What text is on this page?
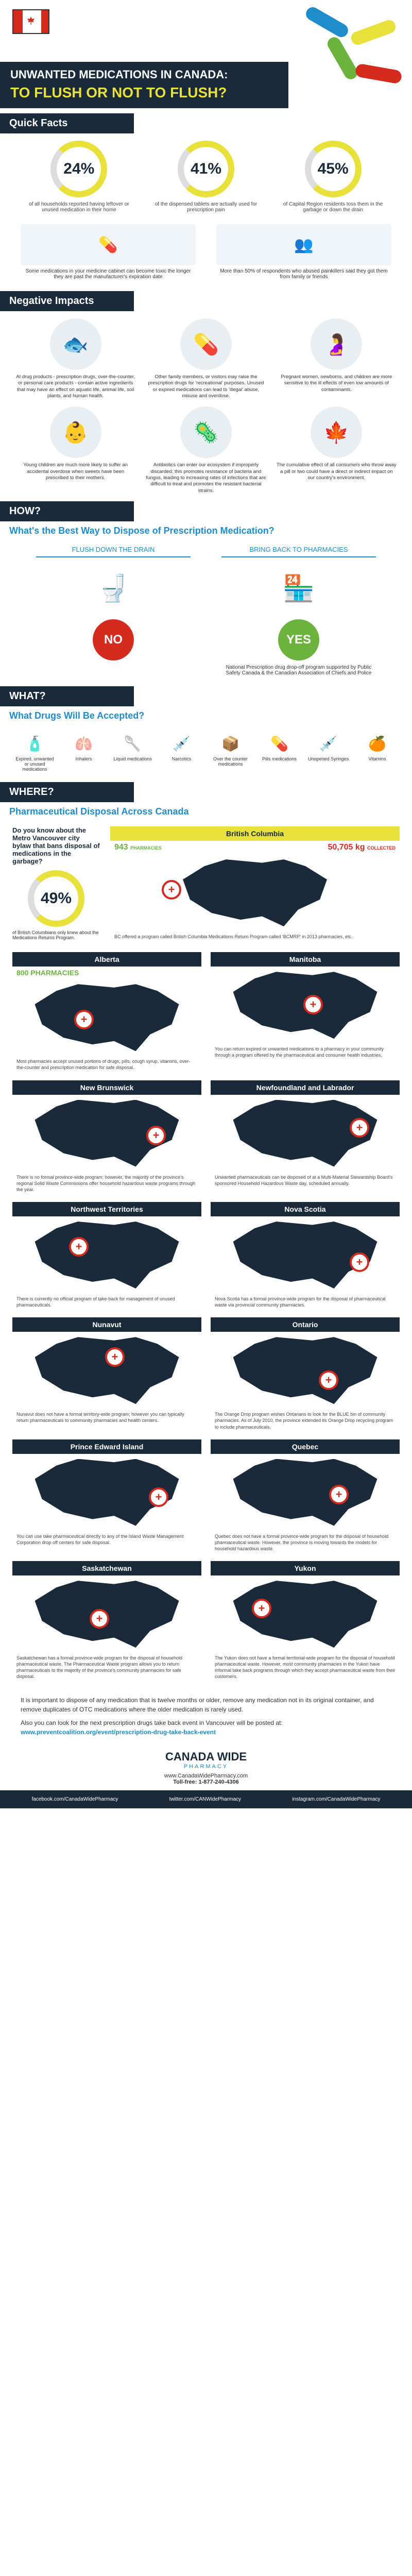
UNWANTED MEDICATIONS IN CANADA:
TO FLUSH OR NOT TO FLUSH?
Quick Facts
24%

of all households reported having leftover or unused medication in their home

41%

of the dispensed tablets are actually used for prescription pain

45%

of Capital Region residents toss them in the garbage or down the drain

💊

Some medications in your medicine cabinet can become toxic the longer they are past the manufacturer's expiration date

👥

More than 50% of respondents who abused painkillers said they got them from family or friends

Negative Impacts
🐟

At drug products - prescription drugs, over-the-counter, or personal care products - contain active ingredients that may have an effect on aquatic life, animal life, soil plants, and human health.

💊

Other family members, or visitors may raise the prescription drugs for 'recreational' purposes. Unused or expired medications can lead to 'illegal' abuse, misuse and overdose.

🤰

Pregnant women, newborns, and children are more sensitive to the ill effects of even low amounts of contaminants.

👶

Young children are much more likely to suffer an accidental overdose when sweets have been prescribed to their mothers.

🦠

Antibiotics can enter our ecosystem if improperly discarded; this promotes resistance of bacteria and fungus, leading to increasing rates of infections that are difficult to treat and promotes the resistant bacterial strains.

🍁

The cumulative effect of all consumers who throw away a pill or two could have a direct or indirect impact on our country's environment.

HOW?
What's the Best Way to Dispose of Prescription Medication?
FLUSH DOWN THE DRAIN
🚽
NO
BRING BACK TO PHARMACIES
🏪
YES

National Prescription drug drop-off program supported by Public Safety Canada & the Canadian Association of Chiefs and Police

WHAT?
What Drugs Will Be Accepted?
🧴

Expired, unwanted or unused medications

🫁

Inhalers

🥄

Liquid medications

💉

Narcotics

📦

Over the counter medications

💊

Pills medications

💉

Unopened Syringes

🍊

Vitamins

WHERE?
Pharmaceutical Disposal Across Canada

Do you know about the Metro Vancouver city bylaw that bans disposal of medications in the garbage?

49%

of British Columbians only knew about the Medications Returns Program.

British Columbia
943 PHARMACIES	50,705 kg COLLECTED
+

BC offered a program called British Columbia Medications Return Program called 'BCMRP' in 2013 pharmacies, etc.

Alberta
800 PHARMACIES
+

Most pharmacies accept unused portions of drugs, pills, cough syrup, vitamins, over-the-counter and prescription medication for safe disposal.

Manitoba
+

You can return expired or unwanted medications to a pharmacy in your community through a program offered by the pharmaceutical and consumer health industries.

New Brunswick
+

There is no formal province-wide program; however, the majority of the province's regional Solid Waste Commissions offer household hazardous waste programs through the year.

Newfoundland and Labrador
+

Unwanted pharmaceuticals can be disposed of at a Multi-Material Stewardship Board's sponsored Household Hazardous Waste day, scheduled annually.

Northwest Territories
+

There is currently no official program of take-back for management of unused pharmaceuticals.

Nova Scotia
+

Nova Scotia has a formal province-wide program for the disposal of pharmaceutical waste via provincial community pharmacies.

Nunavut
+

Nunavut does not have a formal territory-wide program; however you can typically return pharmaceuticals to community pharmacies and health centers.

Ontario
+

The Orange Drop program wishes Ontarians to look for the BLUE bin of community pharmacies. As of July 2010, the province extended its Orange Drop recycling program to include pharmaceuticals.

Prince Edward Island
+

You can use take pharmaceutical directly to any of the Island Waste Management Corporation drop off centers for safe disposal.

Quebec
+

Quebec does not have a formal province-wide program for the disposal of household pharmaceutical waste. However, the province is moving towards the models for household hazardous waste.

Saskatchewan
+

Saskatchewan has a formal province-wide program for the disposal of household pharmaceutical waste. The Pharmaceutical Waste program allows you to return pharmaceuticals to the majority of the province's community pharmacies for safe disposal.

Yukon
+

The Yukon does not have a formal territorial-wide program for the disposal of household pharmaceutical waste. However, most community pharmacies in the Yukon have informal take back programs through which they accept pharmaceutical waste from their customers.

It is important to dispose of any medication that is twelve months or older, remove any medication not in its original container, and remove duplicates of OTC medications where the older medication is rarely used.

Also you can look for the next prescription drugs take back event in Vancouver will be posted at:

www.preventcoalition.org/event/prescription-drug-take-back-event

CANADA WIDE
PHARMACY
www.CanadaWidePharmacy.com
Toll-free: 1-877-240-4306
facebook.com/CanadaWidePharmacy	twitter.com/CANWidePharmacy	instagram.com/CanadaWidePharmacy
